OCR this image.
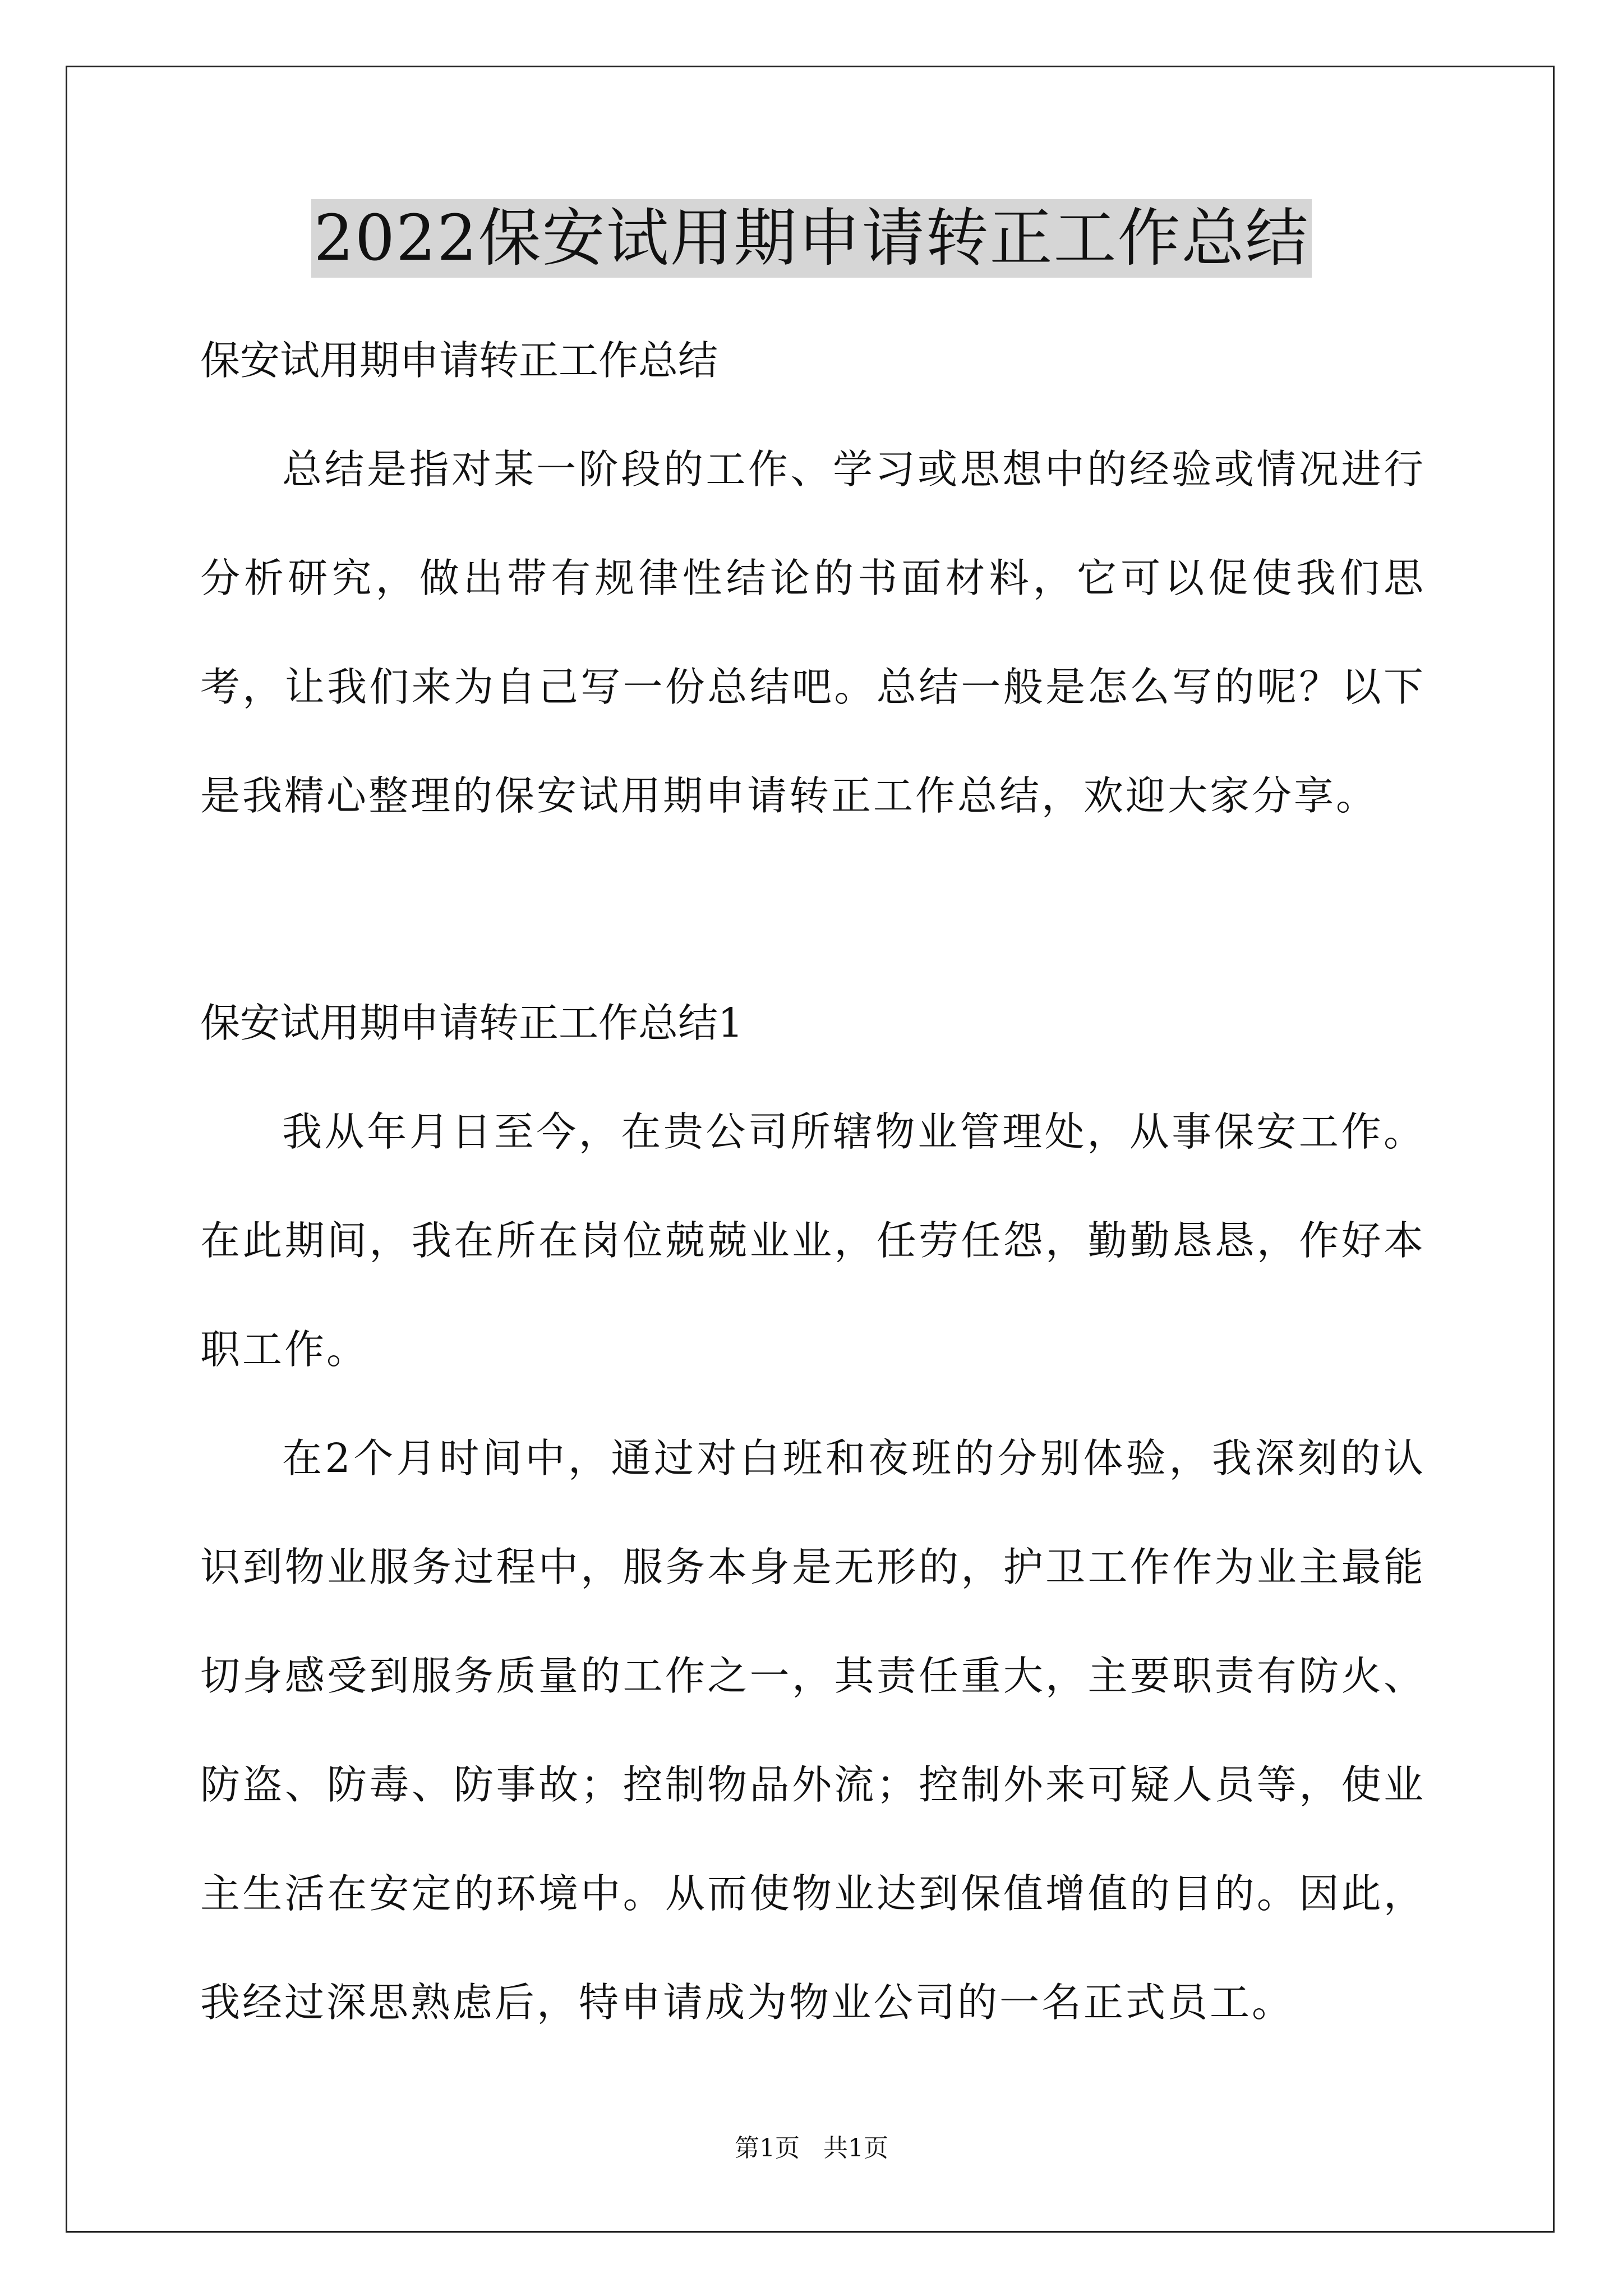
2022保安试用期申请转正工作总结

保安试用期申请转正工作总结

总结是指对某一阶段的工作、学习或思想中的经验或情况进行分析研究，做出带有规律性结论的书面材料，它可以促使我们思考，让我们来为自己写一份总结吧。总结一般是怎么写的呢？以下是我精心整理的保安试用期申请转正工作总结，欢迎大家分享。

保安试用期申请转正工作总结1

我从年月日至今，在贵公司所辖物业管理处，从事保安工作。在此期间，我在所在岗位兢兢业业，任劳任怨，勤勤恳恳，作好本职工作。

在2个月时间中，通过对白班和夜班的分别体验，我深刻的认识到物业服务过程中，服务本身是无形的，护卫工作作为业主最能切身感受到服务质量的工作之一，其责任重大，主要职责有防火、防盗、防毒、防事故；控制物品外流；控制外来可疑人员等，使业主生活在安定的环境中。从而使物业达到保值增值的目的。因此，我经过深思熟虑后，特申请成为物业公司的一名正式员工。

第1页   共1页
